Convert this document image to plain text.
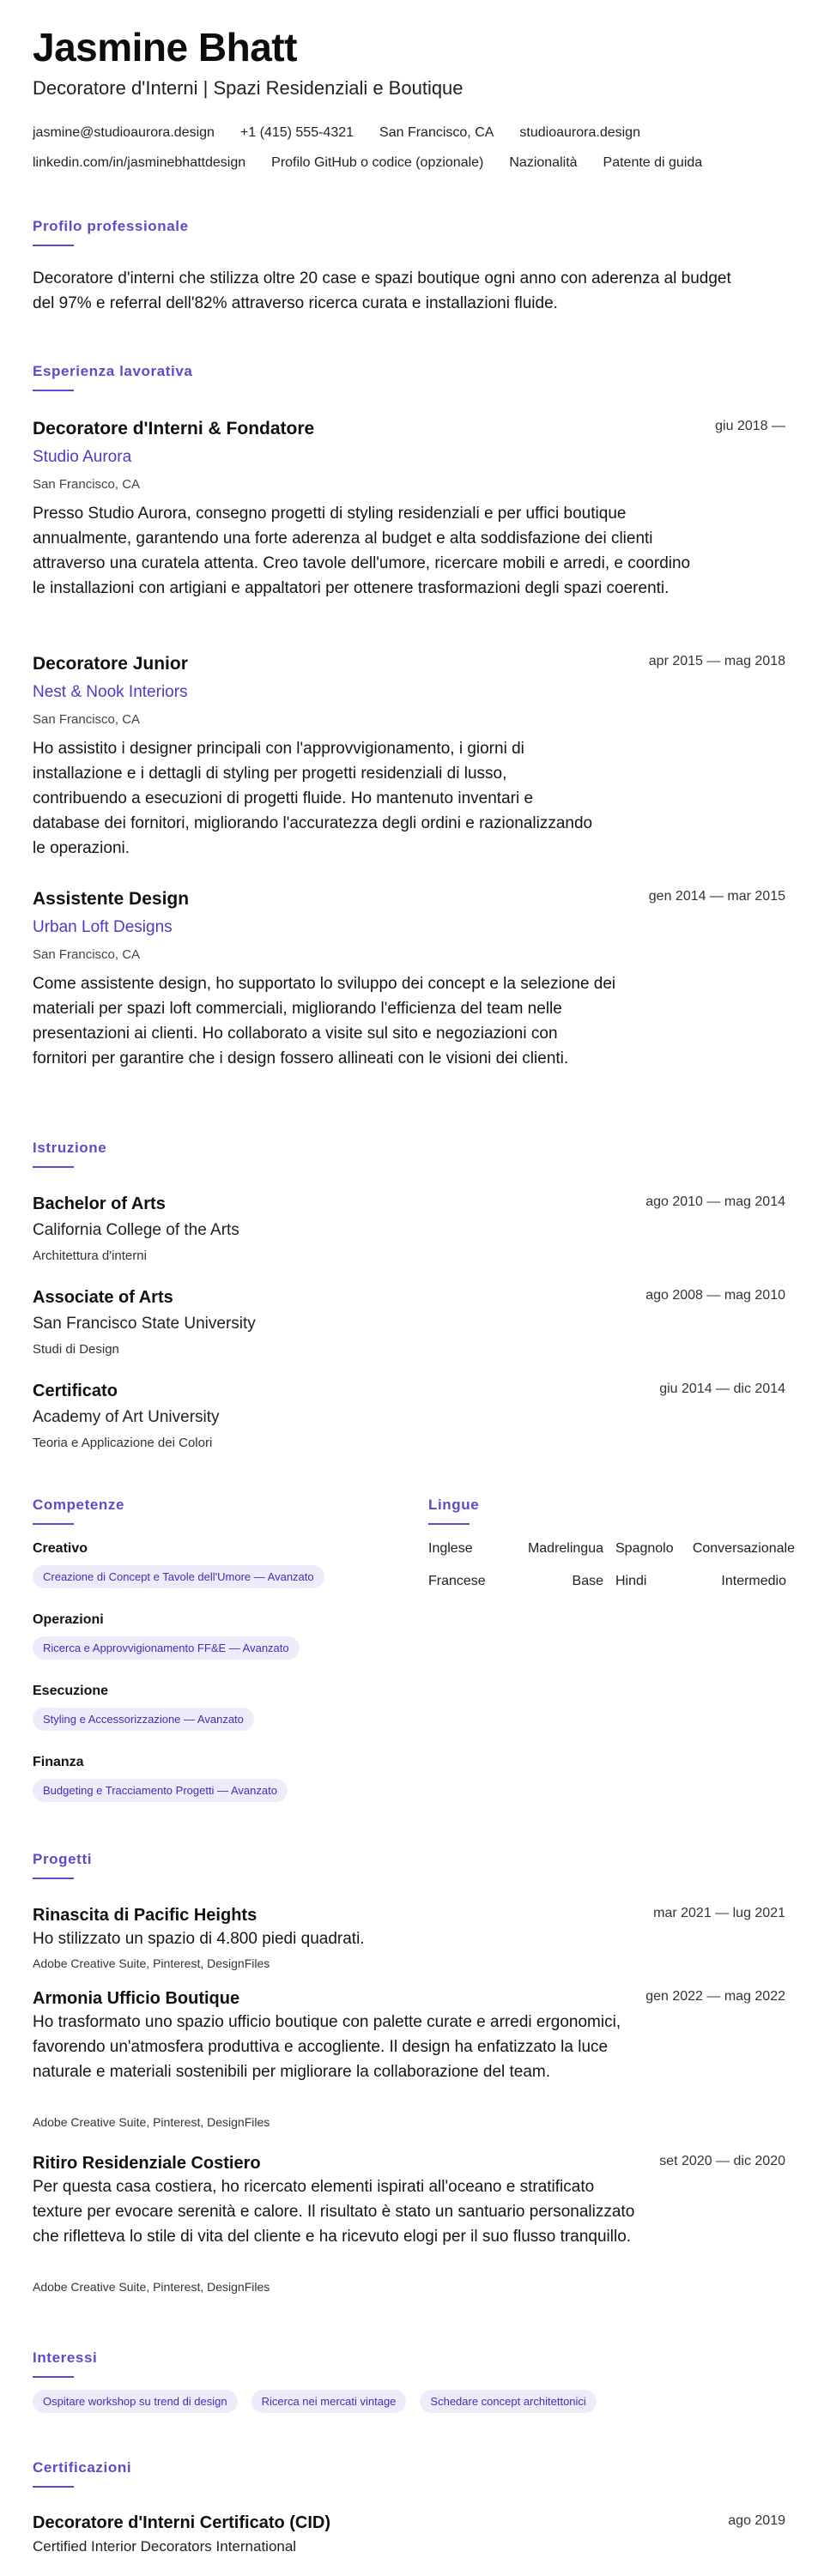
Jasmine Bhatt
Decoratore d'Interni | Spazi Residenziali e Boutique
jasmine@studioaurora.design +1 (415) 555-4321 San Francisco, CA studioaurora.design
linkedin.com/in/jasminebhattdesign Profilo GitHub o codice (opzionale) Nazionalità Patente di guida
Profilo professionale
Decoratore d'interni che stilizza oltre 20 case e spazi boutique ogni anno con aderenza al budget del 97% e referral dell'82% attraverso ricerca curata e installazioni fluide.
Esperienza lavorativa
Decoratore d'Interni & Fondatore	giu 2018 —
Studio Aurora
San Francisco, CA
Presso Studio Aurora, consegno progetti di styling residenziali e per uffici boutique annualmente, garantendo una forte aderenza al budget e alta soddisfazione dei clienti attraverso una curatela attenta. Creo tavole dell'umore, ricercare mobili e arredi, e coordino le installazioni con artigiani e appaltatori per ottenere trasformazioni degli spazi coerenti.
Decoratore Junior	apr 2015 — mag 2018
Nest & Nook Interiors
San Francisco, CA
Ho assistito i designer principali con l'approvvigionamento, i giorni di installazione e i dettagli di styling per progetti residenziali di lusso, contribuendo a esecuzioni di progetti fluide. Ho mantenuto inventari e database dei fornitori, migliorando l'accuratezza degli ordini e razionalizzando le operazioni.
Assistente Design	gen 2014 — mar 2015
Urban Loft Designs
San Francisco, CA
Come assistente design, ho supportato lo sviluppo dei concept e la selezione dei materiali per spazi loft commerciali, migliorando l'efficienza del team nelle presentazioni ai clienti. Ho collaborato a visite sul sito e negoziazioni con fornitori per garantire che i design fossero allineati con le visioni dei clienti.
Istruzione
Bachelor of Arts	ago 2010 — mag 2014
California College of the Arts
Architettura d'interni
Associate of Arts	ago 2008 — mag 2010
San Francisco State University
Studi di Design
Certificato	giu 2014 — dic 2014
Academy of Art University
Teoria e Applicazione dei Colori
Competenze
Creativo
Creazione di Concept e Tavole dell'Umore — Avanzato
Operazioni
Ricerca e Approvvigionamento FF&E — Avanzato
Esecuzione
Styling e Accessorizzazione — Avanzato
Finanza
Budgeting e Tracciamento Progetti — Avanzato
Lingue
Inglese	Madrelingua Spagnolo	Conversazionale
Francese	Base Hindi	Intermedio
Progetti
Rinascita di Pacific Heights	mar 2021 — lug 2021
Ho stilizzato un spazio di 4.800 piedi quadrati.
Adobe Creative Suite, Pinterest, DesignFiles
Armonia Ufficio Boutique	gen 2022 — mag 2022
Ho trasformato uno spazio ufficio boutique con palette curate e arredi ergonomici, favorendo un'atmosfera produttiva e accogliente. Il design ha enfatizzato la luce naturale e materiali sostenibili per migliorare la collaborazione del team.
Adobe Creative Suite, Pinterest, DesignFiles
Ritiro Residenziale Costiero	set 2020 — dic 2020
Per questa casa costiera, ho ricercato elementi ispirati all'oceano e stratificato texture per evocare serenità e calore. Il risultato è stato un santuario personalizzato che rifletteva lo stile di vita del cliente e ha ricevuto elogi per il suo flusso tranquillo.
Adobe Creative Suite, Pinterest, DesignFiles
Interessi
Ospitare workshop su trend di design	Ricerca nei mercati vintage	Schedare concept architettonici
Certificazioni
Decoratore d'Interni Certificato (CID)	ago 2019
Certified Interior Decorators International
